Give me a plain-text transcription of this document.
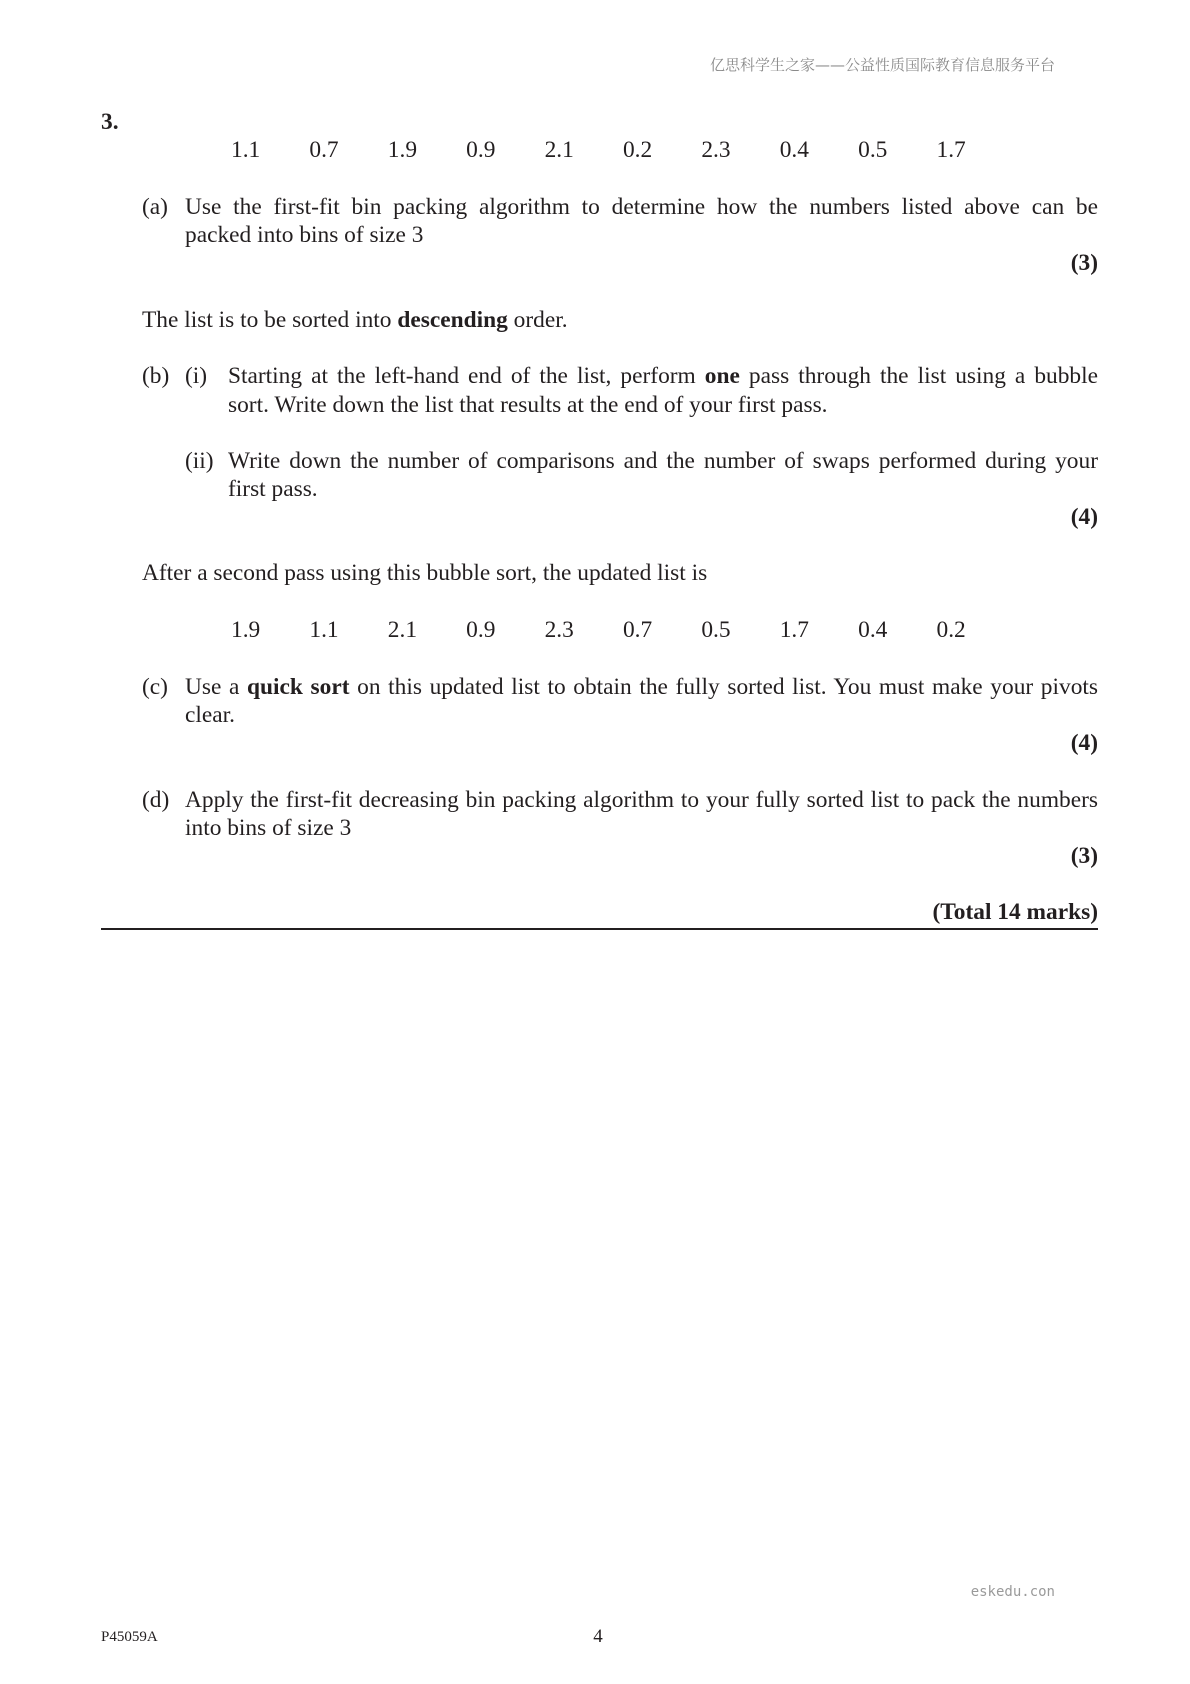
亿思科学生之家——公益性质国际教育信息服务平台
3.
1.1	0.7	1.9	0.9	2.1	0.2	2.3	0.4	0.5	1.7
(a) Use the first-fit bin packing algorithm to determine how the numbers listed above can be
packed into bins of size 3
(3)
The list is to be sorted into descending order.
(b) (i) Starting at the left-hand end of the list, perform one pass through the list using a bubble
sort. Write down the list that results at the end of your first pass.
(ii) Write down the number of comparisons and the number of swaps performed during your
first pass.
(4)
After a second pass using this bubble sort, the updated list is
1.9	1.1	2.1	0.9	2.3	0.7	0.5	1.7	0.4	0.2
(c) Use a quick sort on this updated list to obtain the fully sorted list. You must make your pivots
clear.
(4)
(d) Apply the first-fit decreasing bin packing algorithm to your fully sorted list to pack the numbers
into bins of size 3
(3)
(Total 14 marks)
eskedu.con
P45059A	4
